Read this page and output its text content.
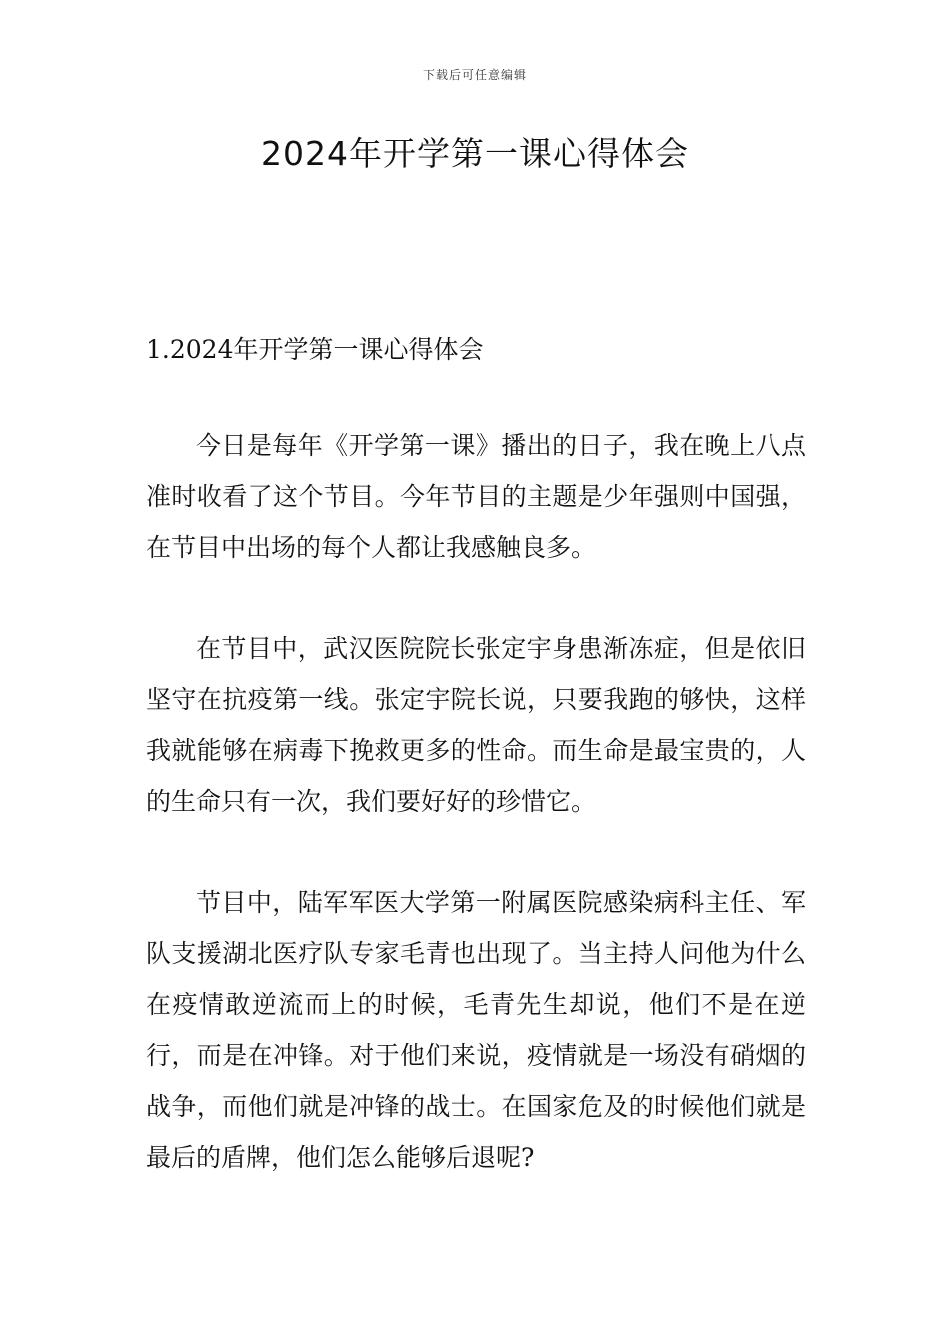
下载后可任意编辑
2024年开学第一课心得体会
1.2024年开学第一课心得体会

今日是每年《开学第一课》播出的日子，我在晚上八点准时收看了这个节目。今年节目的主题是少年强则中国强，在节目中出场的每个人都让我感触良多。

在节目中，武汉医院院长张定宇身患渐冻症，但是依旧坚守在抗疫第一线。张定宇院长说，只要我跑的够快，这样我就能够在病毒下挽救更多的性命。而生命是最宝贵的，人的生命只有一次，我们要好好的珍惜它。

节目中，陆军军医大学第一附属医院感染病科主任、军队支援湖北医疗队专家毛青也出现了。当主持人问他为什么在疫情敢逆流而上的时候，毛青先生却说，他们不是在逆行，而是在冲锋。对于他们来说，疫情就是一场没有硝烟的战争，而他们就是冲锋的战士。在国家危及的时候他们就是最后的盾牌，他们怎么能够后退呢?
